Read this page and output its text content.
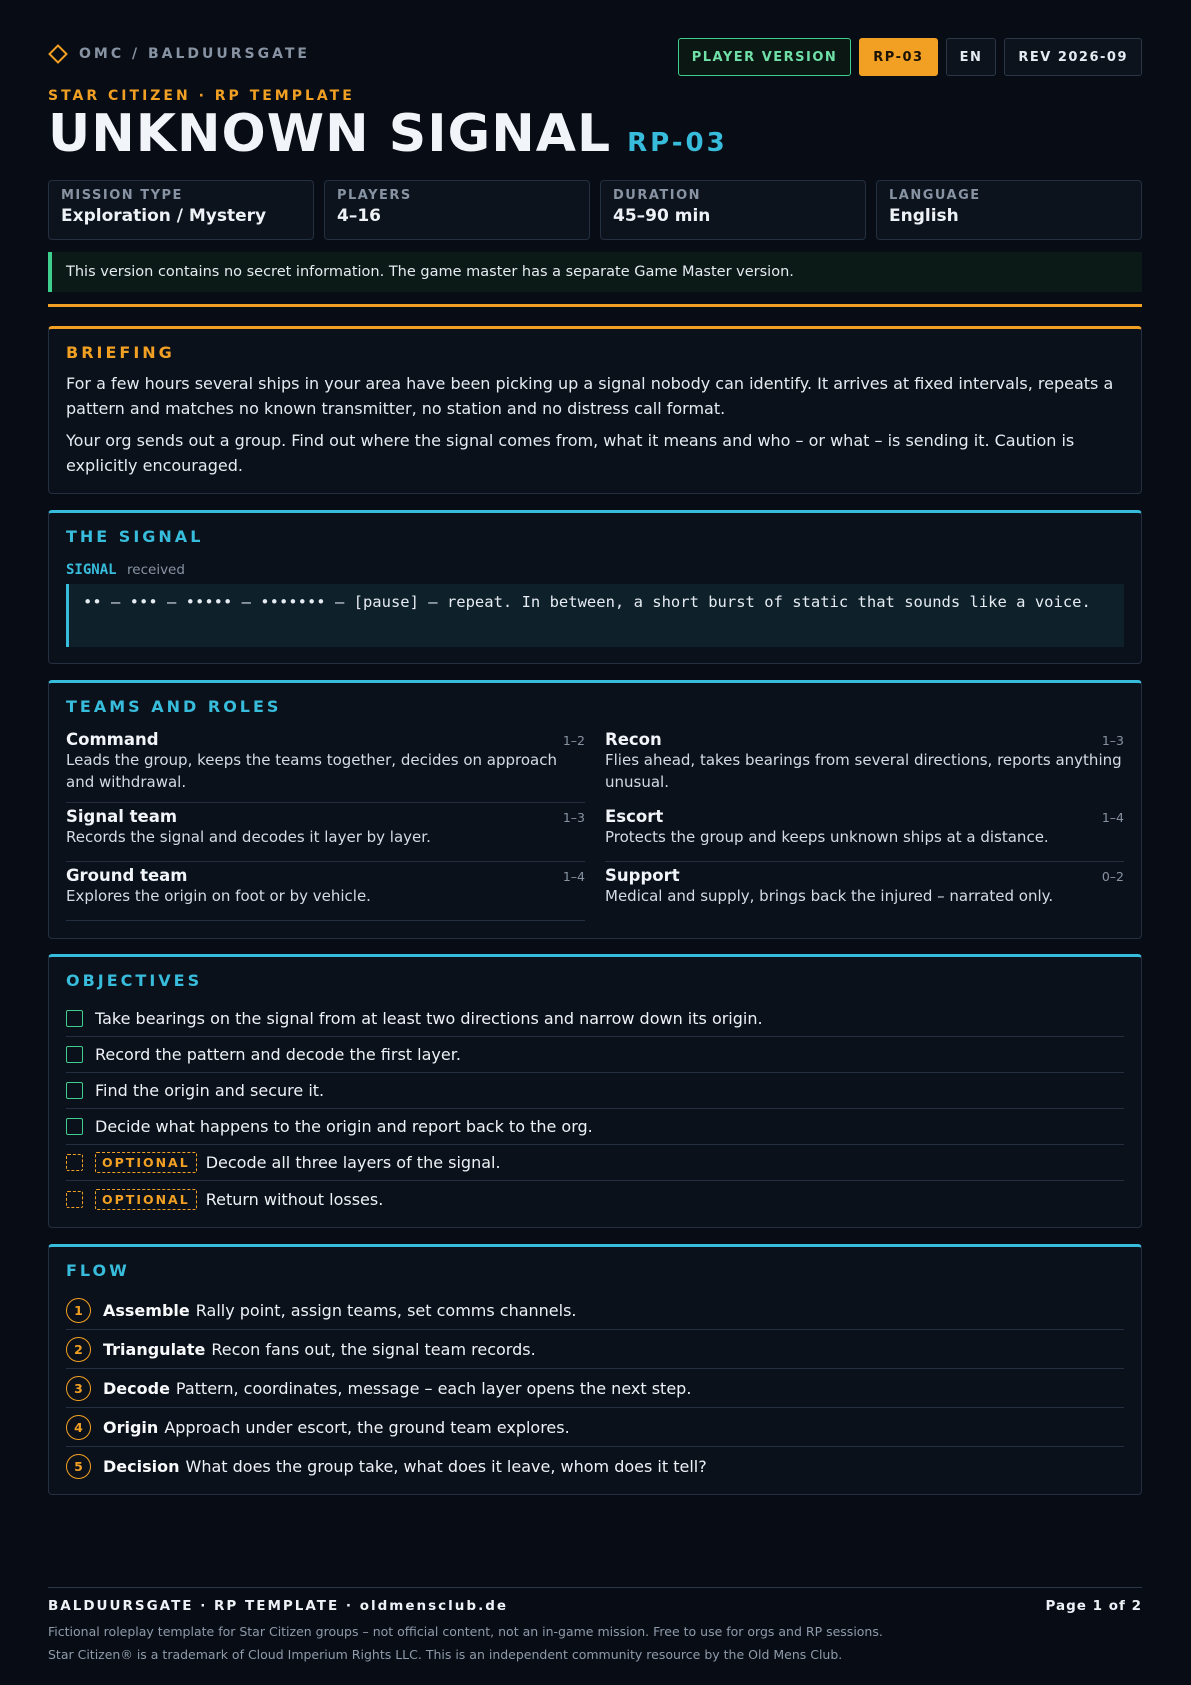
OMC / BALDUURSGATE	PLAYER VERSION	RP-03	EN	REV 2026-09
STAR CITIZEN · RP TEMPLATE
UNKNOWN SIGNAL RP-03
MISSION TYPE
Exploration / Mystery
PLAYERS
4–16
DURATION
45–90 min
LANGUAGE
English
This version contains no secret information. The game master has a separate Game Master version.
BRIEFING

For a few hours several ships in your area have been picking up a signal nobody can identify. It arrives at fixed intervals, repeats a pattern and matches no known transmitter, no station and no distress call format.

Your org sends out a group. Find out where the signal comes from, what it means and who – or what – is sending it. Caution is explicitly encouraged.

THE SIGNAL
SIGNAL received
•• – ••• – ••••• – ••••••• – [pause] – repeat. In between, a short burst of static that sounds like a voice.
TEAMS AND ROLES
Command	1–2
Leads the group, keeps the teams together, decides on approach and withdrawal.
Signal team	1–3
Records the signal and decodes it layer by layer.
Ground team	1–4
Explores the origin on foot or by vehicle.
Recon	1–3
Flies ahead, takes bearings from several directions, reports anything unusual.
Escort	1–4
Protects the group and keeps unknown ships at a distance.
Support	0–2
Medical and supply, brings back the injured – narrated only.
OBJECTIVES
Take bearings on the signal from at least two directions and narrow down its origin.
Record the pattern and decode the first layer.
Find the origin and secure it.
Decide what happens to the origin and report back to the org.
OPTIONAL	Decode all three layers of the signal.
OPTIONAL	Return without losses.
FLOW
1	Assemble Rally point, assign teams, set comms channels.
2	Triangulate Recon fans out, the signal team records.
3	Decode Pattern, coordinates, message – each layer opens the next step.
4	Origin Approach under escort, the ground team explores.
5	Decision What does the group take, what does it leave, whom does it tell?
BALDUURSGATE · RP TEMPLATE · oldmensclub.de	Page 1 of 2
Fictional roleplay template for Star Citizen groups – not official content, not an in-game mission. Free to use for orgs and RP sessions.
Star Citizen® is a trademark of Cloud Imperium Rights LLC. This is an independent community resource by the Old Mens Club.
